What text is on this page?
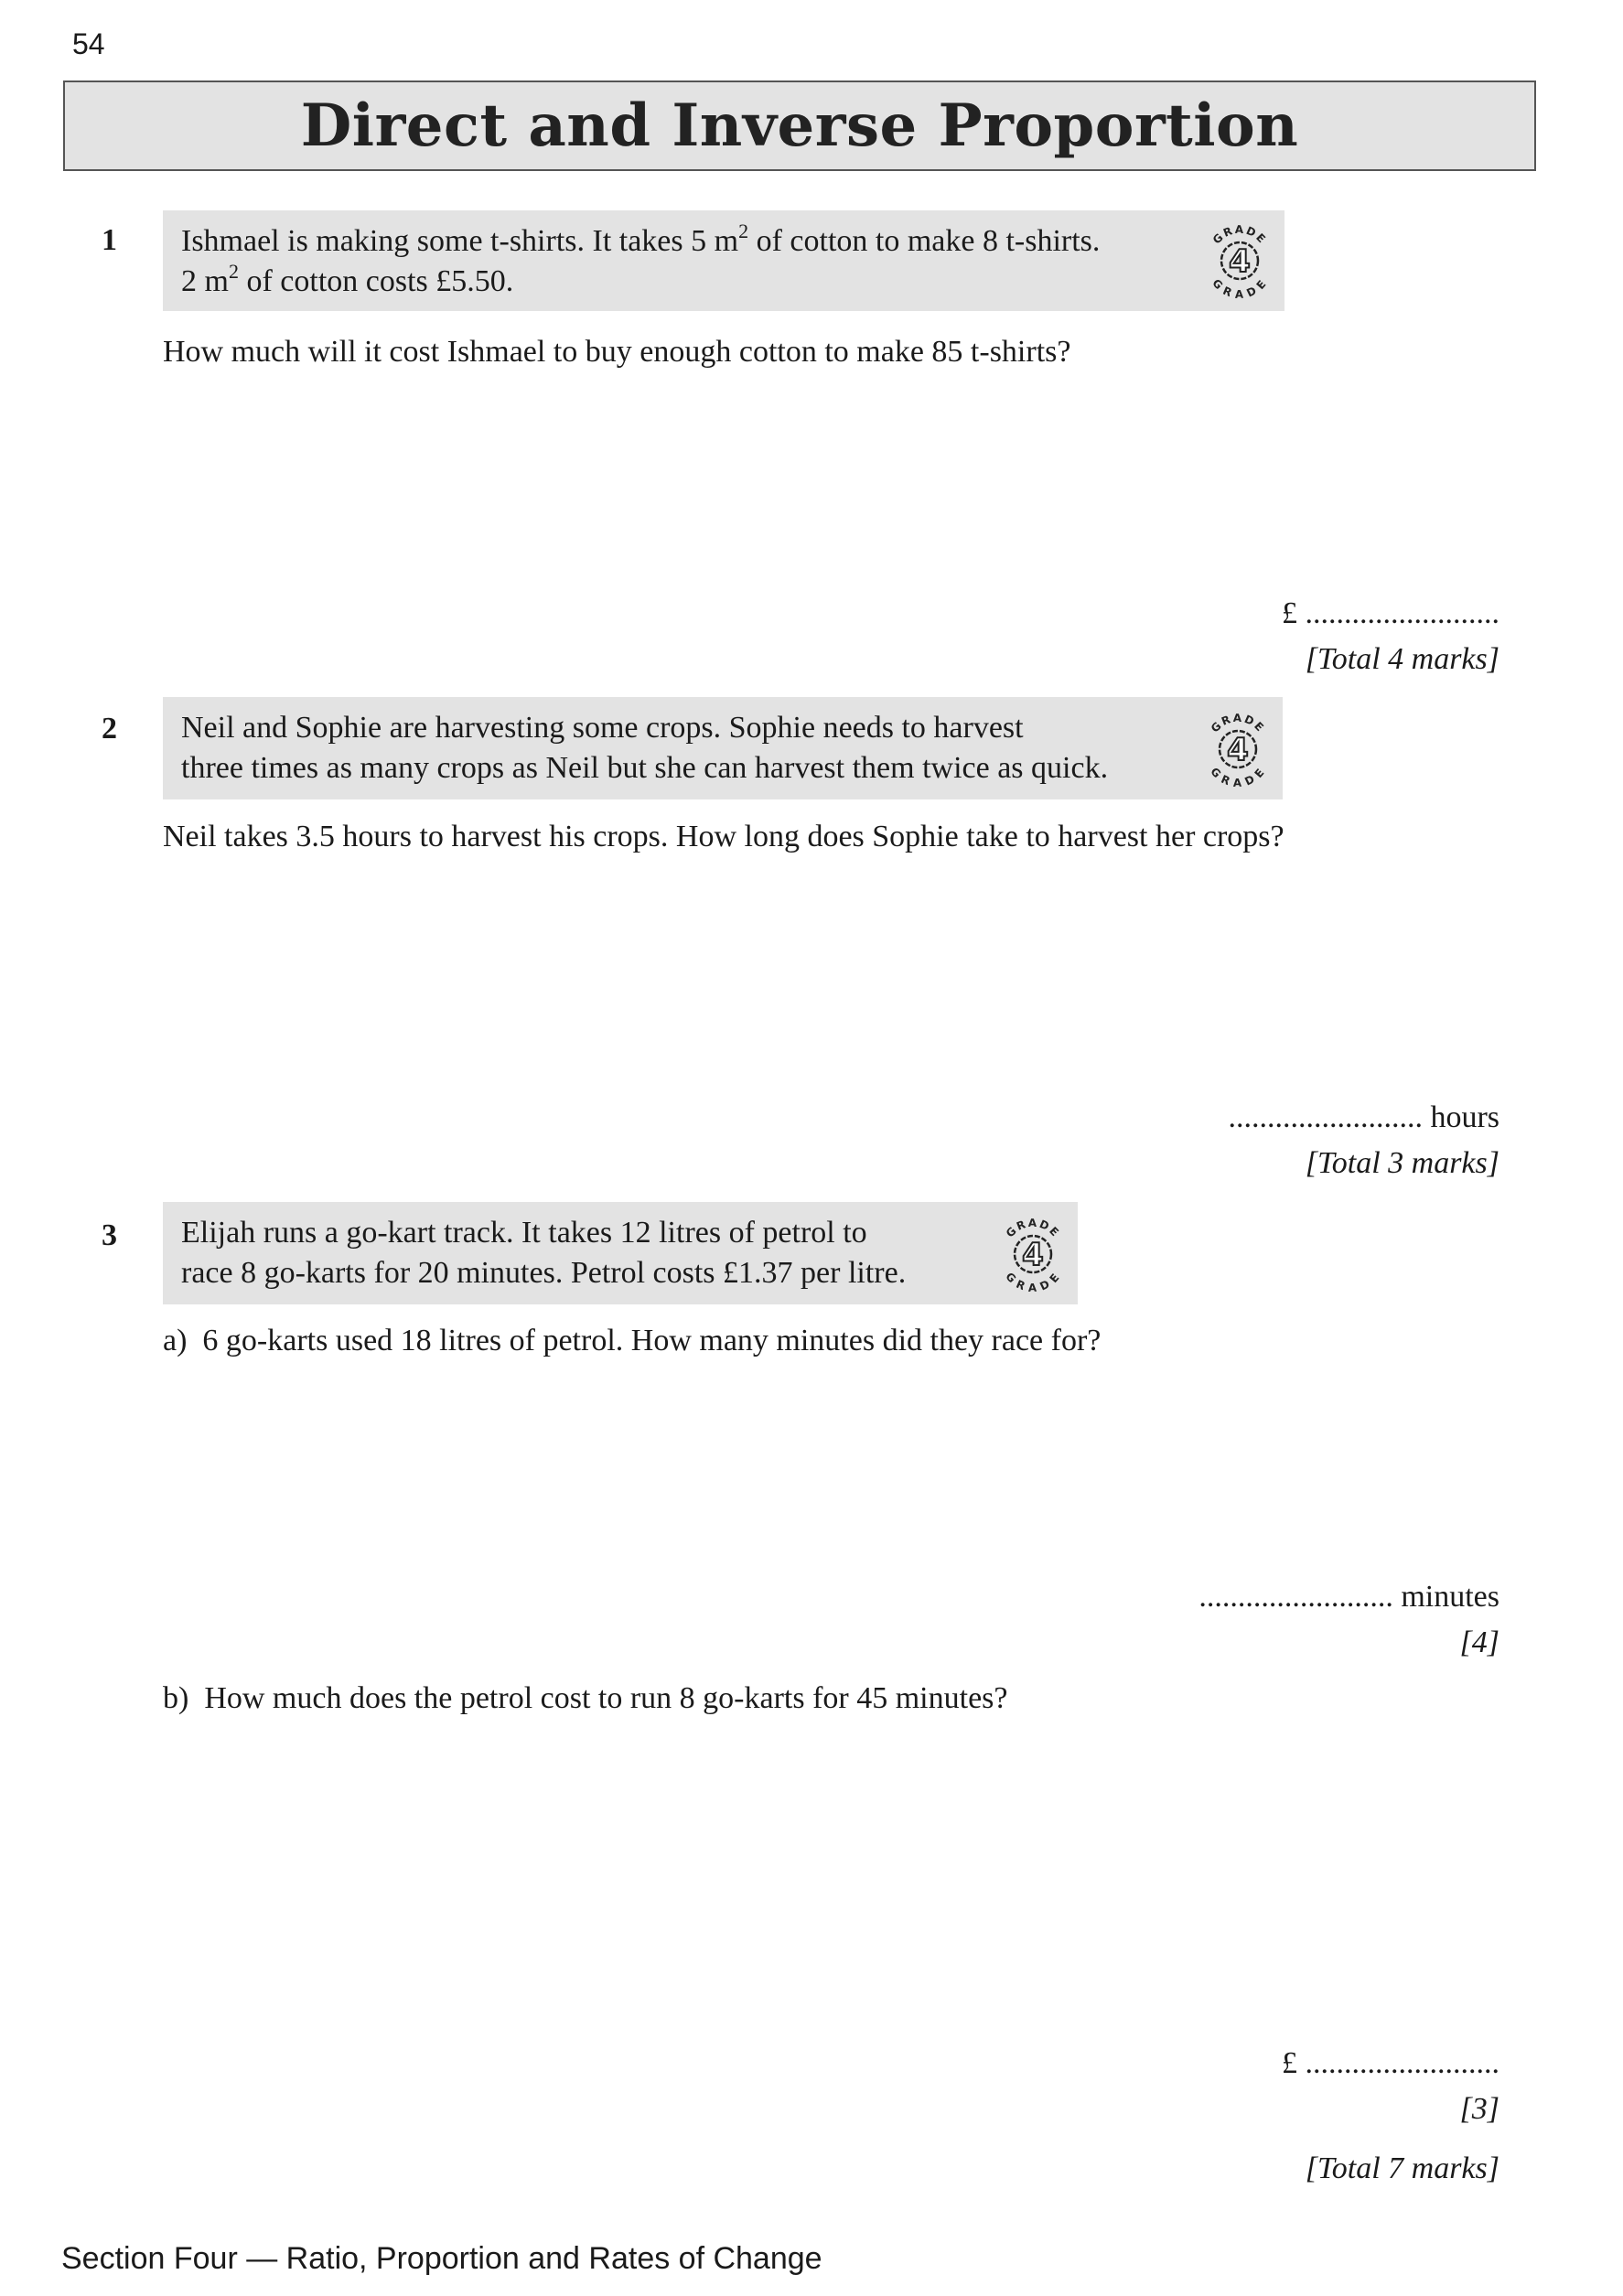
54
Direct and Inverse Proportion
1 Ishmael is making some t-shirts. It takes 5 $m^2$ of cotton to make 8 t-shirts.
2 $m^2$ of cotton costs £5.50.
How much will it cost Ishmael to buy enough cotton to make 85 t-shirts?
£ .........................
[Total 4 marks]
2 Neil and Sophie are harvesting some crops. Sophie needs to harvest
three times as many crops as Neil but she can harvest them twice as quick.
Neil takes 3.5 hours to harvest his crops. How long does Sophie take to harvest her crops?
......................... hours
[Total 3 marks]
3 Elijah runs a go-kart track. It takes 12 litres of petrol to
race 8 go-karts for 20 minutes. Petrol costs £1.37 per litre.
a) 6 go-karts used 18 litres of petrol. How many minutes did they race for?
......................... minutes
[4]
b) How much does the petrol cost to run 8 go-karts for 45 minutes?
£ .........................
[3]
[Total 7 marks]
Section Four — Ratio, Proportion and Rates of Change
